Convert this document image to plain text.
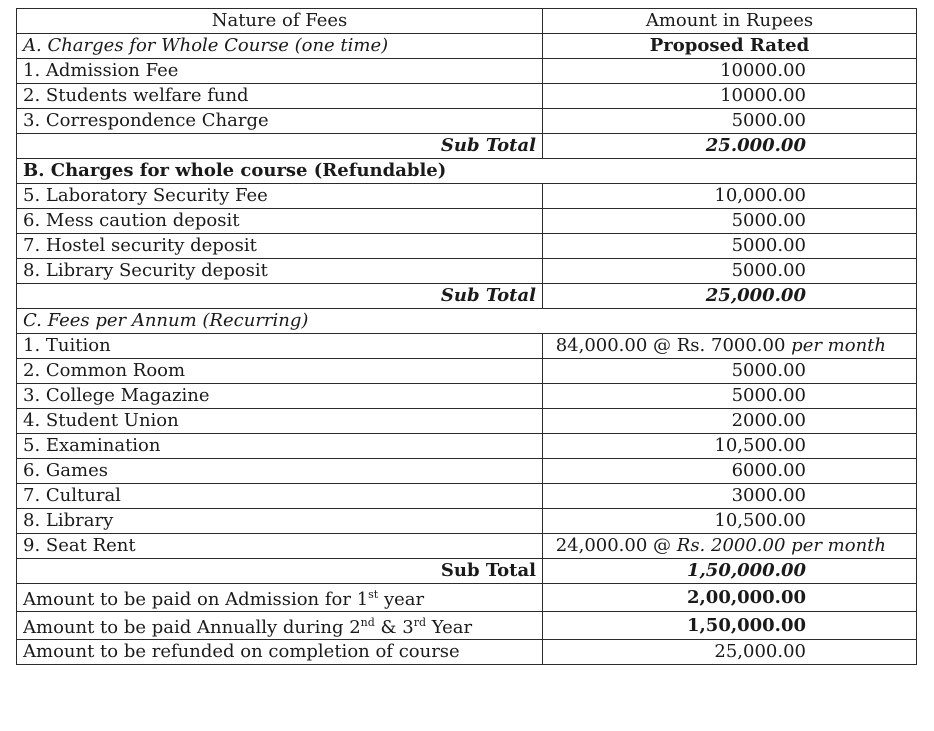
Nature of Fees	Amount in Rupees
A. Charges for Whole Course (one time)	Proposed Rated
1. Admission Fee	10000.00
2. Students welfare fund	10000.00
3. Correspondence Charge	5000.00
Sub Total	25.000.00
B. Charges for whole course (Refundable)	
5. Laboratory Security Fee	10,000.00
6. Mess caution deposit	5000.00
7. Hostel security deposit	5000.00
8. Library Security deposit	5000.00
Sub Total	25,000.00
C. Fees per Annum (Recurring)	
1. Tuition	84,000.00 @ Rs. 7000.00 per month
2. Common Room	5000.00
3. College Magazine	5000.00
4. Student Union	2000.00
5. Examination	10,500.00
6. Games	6000.00
7. Cultural	3000.00
8. Library	10,500.00
9. Seat Rent	24,000.00 @ Rs. 2000.00 per month
Sub Total	1,50,000.00
Amount to be paid on Admission for 1st year	2,00,000.00
Amount to be paid Annually during 2nd & 3rd Year	1,50,000.00
Amount to be refunded on completion of course	25,000.00
